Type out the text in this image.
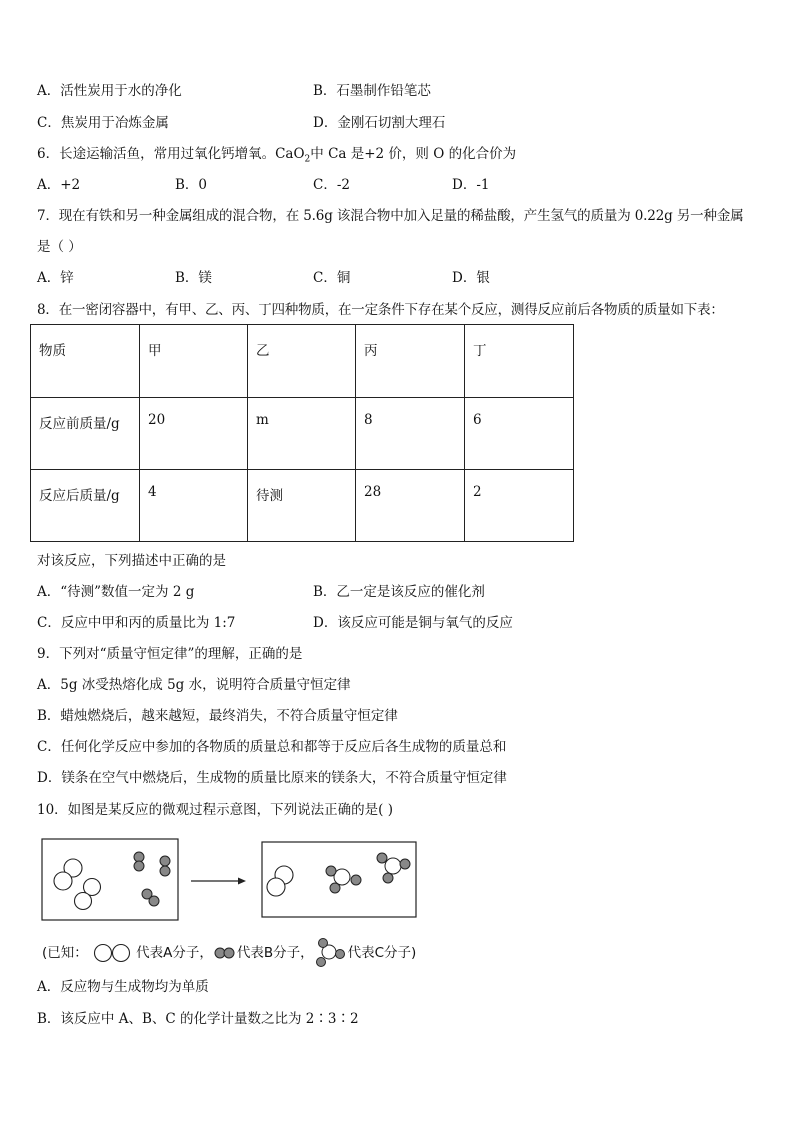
A．活性炭用于水的净化	B．石墨制作铅笔芯
C．焦炭用于冶炼金属	D．金刚石切割大理石
6．长途运输活鱼，常用过氧化钙增氧。CaO$_2$中 Ca 是+2 价，则 O 的化合价为
A．+2	B．0	C．-2	D．-1
7．现在有铁和另一种金属组成的混合物，在 5.6g 该混合物中加入足量的稀盐酸，产生氢气的质量为 0.22g 另一种金属
是（ ）
A．锌	B．镁	C．铜	D．银
8．在一密闭容器中，有甲、乙、丙、丁四种物质，在一定条件下存在某个反应，测得反应前后各物质的质量如下表：
物质	甲	乙	丙	丁
反应前质量/g	20	m	8	6
反应后质量/g	4	待测	28	2
对该反应，下列描述中正确的是
A．“待测”数值一定为 2 g	B．乙一定是该反应的催化剂
C．反应中甲和丙的质量比为 1:7	D．该反应可能是铜与氧气的反应
9．下列对“质量守恒定律”的理解，正确的是
A．5g 冰受热熔化成 5g 水，说明符合质量守恒定律
B．蜡烛燃烧后，越来越短，最终消失，不符合质量守恒定律
C．任何化学反应中参加的各物质的质量总和都等于反应后各生成物的质量总和
D．镁条在空气中燃烧后，生成物的质量比原来的镁条大，不符合质量守恒定律
10．如图是某反应的微观过程示意图，下列说法正确的是( )
(已知：	代表A分子， 代表B分子，	代表C分子)
A．反应物与生成物均为单质
B．该反应中 A、B、C 的化学计量数之比为 2∶3∶2
